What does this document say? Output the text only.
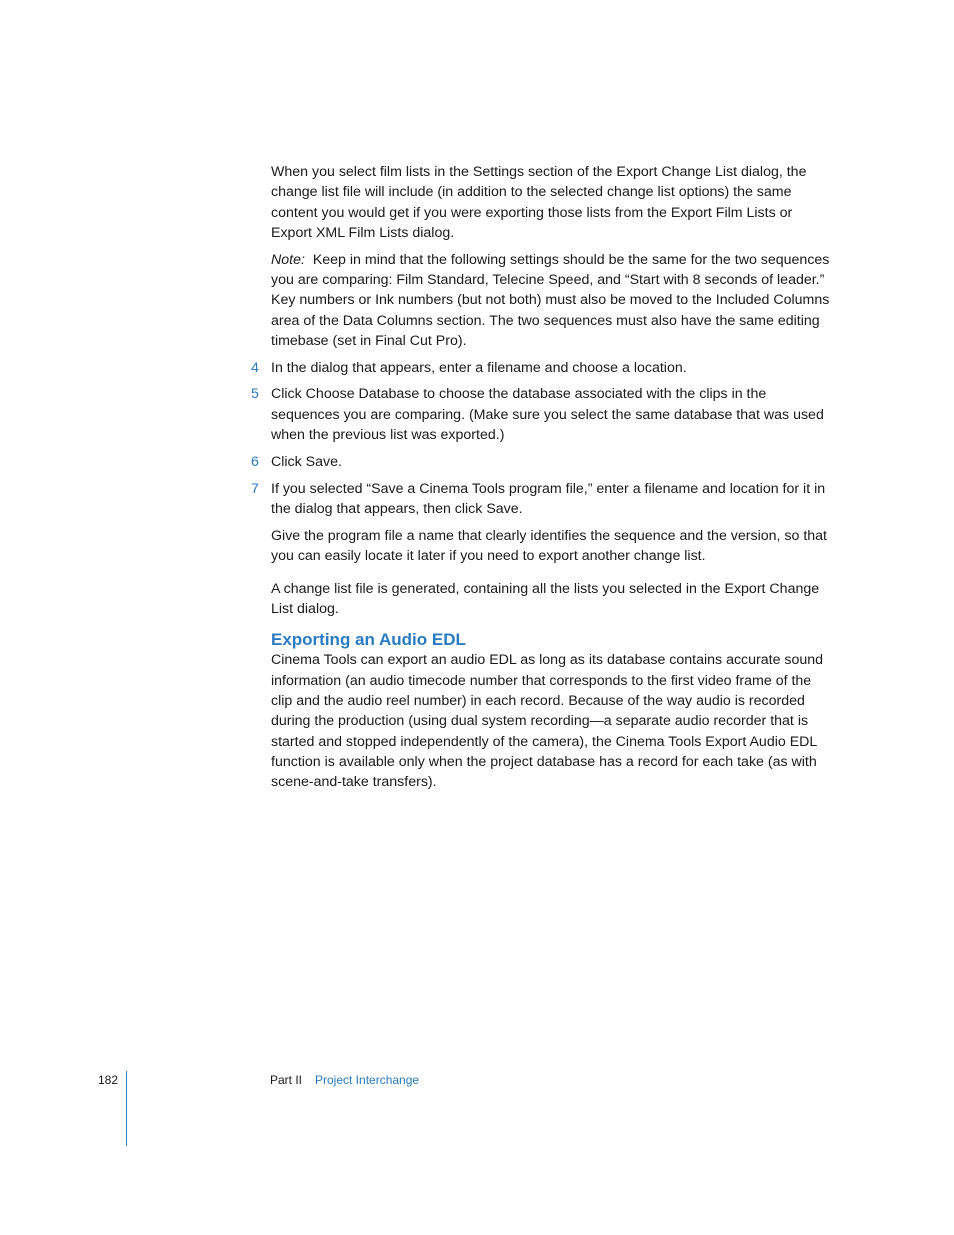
When you select film lists in the Settings section of the Export Change List dialog, the change list file will include (in addition to the selected change list options) the same content you would get if you were exporting those lists from the Export Film Lists or Export XML Film Lists dialog.

Note: Keep in mind that the following settings should be the same for the two sequences you are comparing: Film Standard, Telecine Speed, and “Start with 8 seconds of leader.” Key numbers or Ink numbers (but not both) must also be moved to the Included Columns area of the Data Columns section. The two sequences must also have the same editing timebase (set in Final Cut Pro).

4 In the dialog that appears, enter a filename and choose a location.
5 Click Choose Database to choose the database associated with the clips in the sequences you are comparing. (Make sure you select the same database that was used when the previous list was exported.)
6 Click Save.
7 If you selected “Save a Cinema Tools program file,” enter a filename and location for it in the dialog that appears, then click Save.

Give the program file a name that clearly identifies the sequence and the version, so that you can easily locate it later if you need to export another change list.

A change list file is generated, containing all the lists you selected in the Export Change List dialog.

Exporting an Audio EDL

Cinema Tools can export an audio EDL as long as its database contains accurate sound information (an audio timecode number that corresponds to the first video frame of the clip and the audio reel number) in each record. Because of the way audio is recorded during the production (using dual system recording—a separate audio recorder that is started and stopped independently of the camera), the Cinema Tools Export Audio EDL function is available only when the project database has a record for each take (as with scene-and-take transfers).

182	Part II Project Interchange
